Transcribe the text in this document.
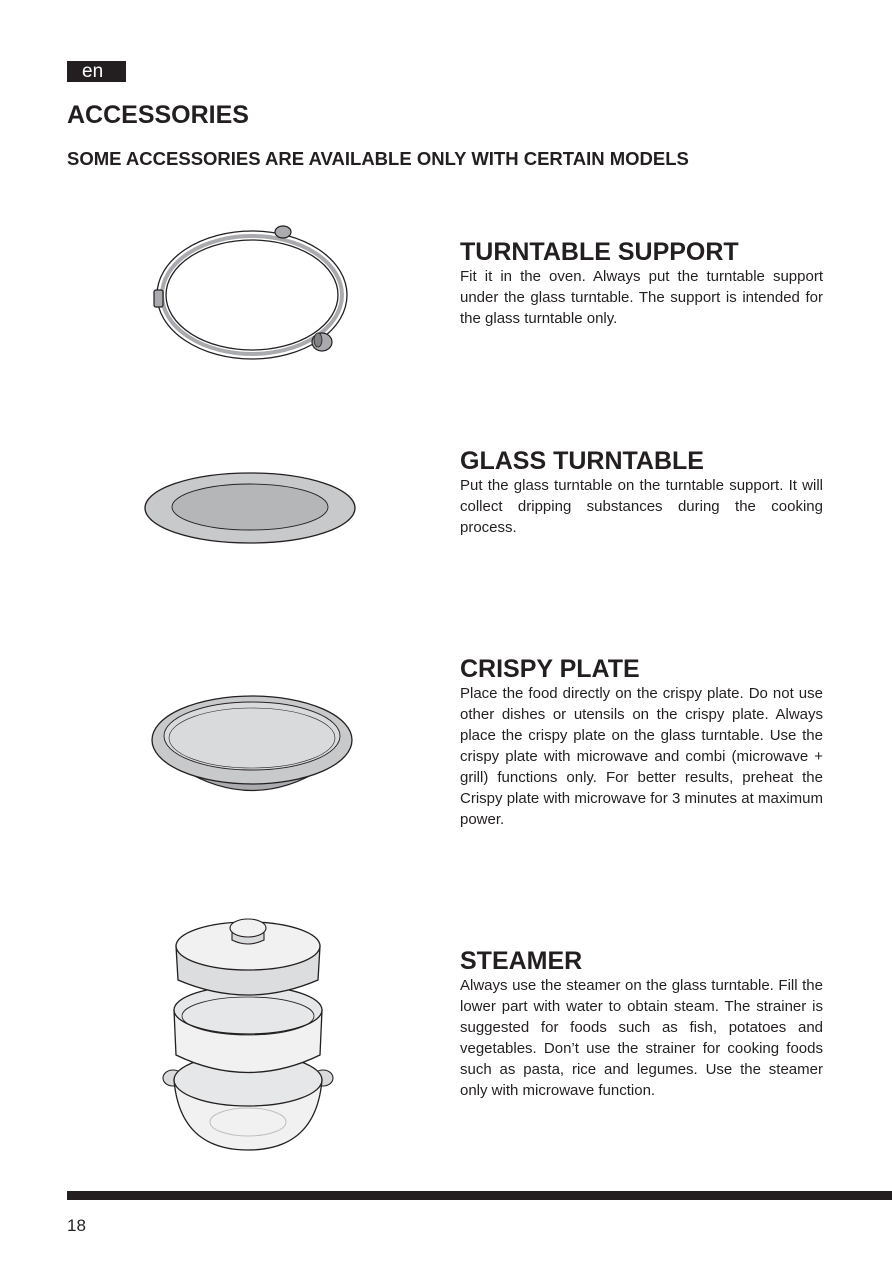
en
ACCESSORIES
SOME ACCESSORIES ARE AVAILABLE ONLY WITH CERTAIN MODELS
TURNTABLE SUPPORT

Fit it in the oven. Always put the turntable support under the glass turntable. The support is intended for the glass turntable only.

GLASS TURNTABLE

Put the glass turntable on the turntable support. It will collect dripping substances during the cooking process.

CRISPY PLATE

Place the food directly on the crispy plate. Do not use other dishes or utensils on the crispy plate. Always place the crispy plate on the glass turntable. Use the crispy plate with microwave and combi (microwave + grill) functions only. For better results, preheat the Crispy plate with microwave for 3 minutes at maximum power.

STEAMER

Always use the steamer on the glass turntable. Fill the lower part with water to obtain steam. The strainer is suggested for foods such as fish, potatoes and vegetables. Don’t use the strainer for cooking foods such as pasta, rice and legumes. Use the steamer only with microwave function.

18
